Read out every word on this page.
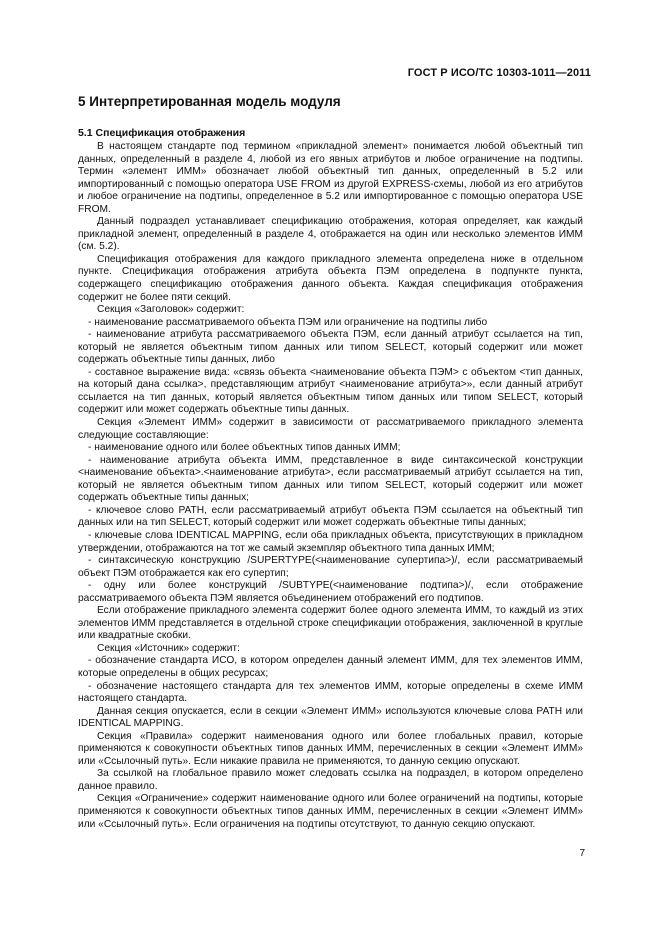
ГОСТ Р ИСО/ТС 10303-1011—2011
5 Интерпретированная модель модуля
5.1 Спецификация отображения

В настоящем стандарте под термином «прикладной элемент» понимается любой объектный тип данных, определенный в разделе 4, любой из его явных атрибутов и любое ограничение на подтипы. Термин «элемент ИММ» обозначает любой объектный тип данных, определенный в 5.2 или импортированный с помощью оператора USE FROM из другой EXPRESS-схемы, любой из его атрибутов и любое ограничение на подтипы, определенное в 5.2 или импортированное с помощью оператора USE FROM.

Данный подраздел устанавливает спецификацию отображения, которая определяет, как каждый прикладной элемент, определенный в разделе 4, отображается на один или несколько элементов ИММ (см. 5.2).

Спецификация отображения для каждого прикладного элемента определена ниже в отдельном пункте. Спецификация отображения атрибута объекта ПЭМ определена в подпункте пункта, содержащего спецификацию отображения данного объекта. Каждая спецификация отображения содержит не более пяти секций.

Секция «Заголовок» содержит:

- наименование рассматриваемого объекта ПЭМ или ограничение на подтипы либо

- наименование атрибута рассматриваемого объекта ПЭМ, если данный атрибут ссылается на тип, который не является объектным типом данных или типом SELECT, который содержит или может содержать объектные типы данных, либо

- составное выражение вида: «связь объекта <наименование объекта ПЭМ> с объектом <тип данных, на который дана ссылка>, представляющим атрибут <наименование атрибута>», если данный атрибут ссылается на тип данных, который является объектным типом данных или типом SELECT, который содержит или может содержать объектные типы данных.

Секция «Элемент ИММ» содержит в зависимости от рассматриваемого прикладного элемента следующие составляющие:

- наименование одного или более объектных типов данных ИММ;

- наименование атрибута объекта ИММ, представленное в виде синтаксической конструкции <наименование объекта>.<наименование атрибута>, если рассматриваемый атрибут ссылается на тип, который не является объектным типом данных или типом SELECT, который содержит или может содержать объектные типы данных;

- ключевое слово PATH, если рассматриваемый атрибут объекта ПЭМ ссылается на объектный тип данных или на тип SELECT, который содержит или может содержать объектные типы данных;

- ключевые слова IDENTICAL MAPPING, если оба прикладных объекта, присутствующих в прикладном утверждении, отображаются на тот же самый экземпляр объектного типа данных ИММ;

- синтаксическую конструкцию /SUPERTYPE(<наименование супертипа>)/, если рассматриваемый объект ПЭМ отображается как его супертип;

- одну или более конструкций /SUBTYPE(<наименование подтипа>)/, если отображение рассматриваемого объекта ПЭМ является объединением отображений его подтипов.

Если отображение прикладного элемента содержит более одного элемента ИММ, то каждый из этих элементов ИММ представляется в отдельной строке спецификации отображения, заключенной в круглые или квадратные скобки.

Секция «Источник» содержит:

- обозначение стандарта ИСО, в котором определен данный элемент ИММ, для тех элементов ИММ, которые определены в общих ресурсах;

- обозначение настоящего стандарта для тех элементов ИММ, которые определены в схеме ИММ настоящего стандарта.

Данная секция опускается, если в секции «Элемент ИММ» используются ключевые слова PATH или IDENTICAL MAPPING.

Секция «Правила» содержит наименования одного или более глобальных правил, которые применяются к совокупности объектных типов данных ИММ, перечисленных в секции «Элемент ИММ» или «Ссылочный путь». Если никакие правила не применяются, то данную секцию опускают.

За ссылкой на глобальное правило может следовать ссылка на подраздел, в котором определено данное правило.

Секция «Ограничение» содержит наименование одного или более ограничений на подтипы, которые применяются к совокупности объектных типов данных ИММ, перечисленных в секции «Элемент ИММ» или «Ссылочный путь». Если ограничения на подтипы отсутствуют, то данную секцию опускают.

7
